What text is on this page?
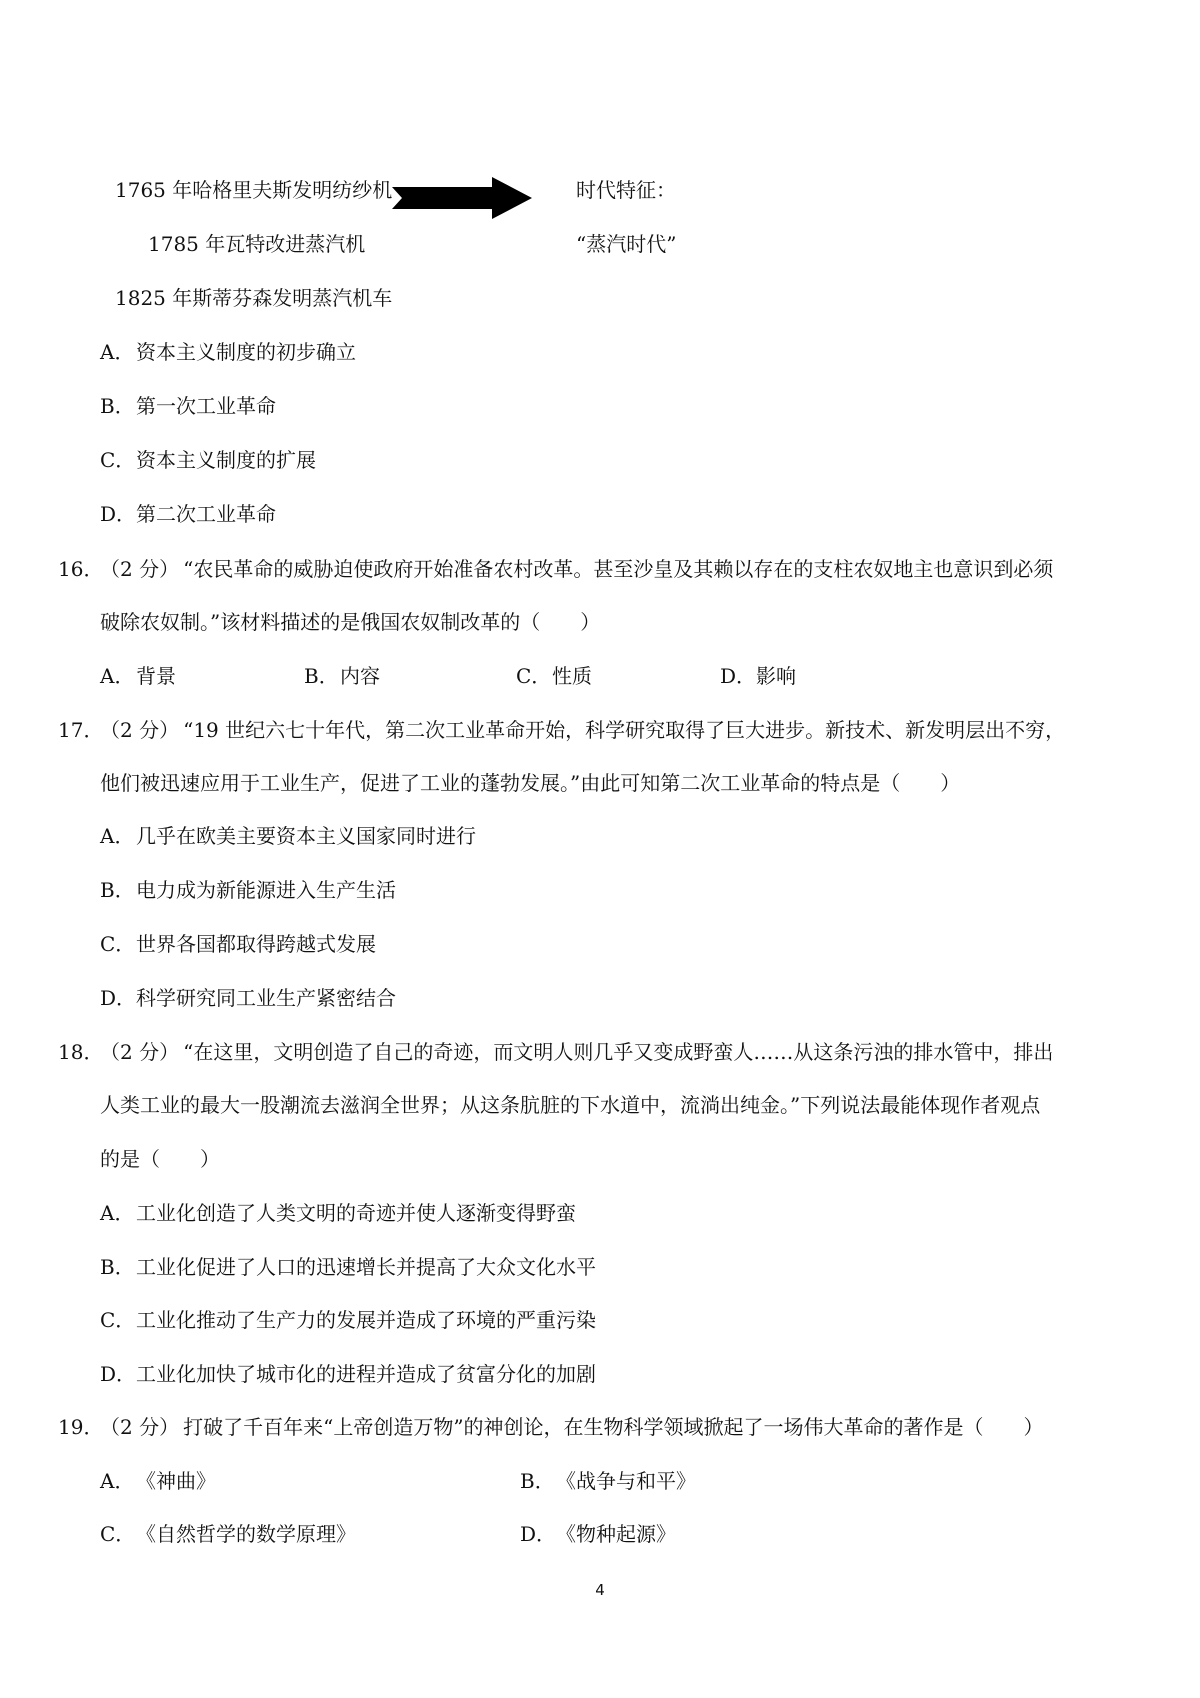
1765 年哈格里夫斯发明纺纱机
1785 年瓦特改进蒸汽机
1825 年斯蒂芬森发明蒸汽机车
时代特征：
“蒸汽时代”
A．资本主义制度的初步确立
B．第一次工业革命
C．资本主义制度的扩展
D．第二次工业革命
16．（2 分） “农民革命的威胁迫使政府开始准备农村改革。甚至沙皇及其赖以存在的支柱农奴地主也意识到必须
破除农奴制。”该材料描述的是俄国农奴制改革的（　　）
A．背景	B．内容	C．性质	D．影响
17．（2 分） “19 世纪六七十年代，第二次工业革命开始，科学研究取得了巨大进步。新技术、新发明层出不穷，
他们被迅速应用于工业生产，促进了工业的蓬勃发展。”由此可知第二次工业革命的特点是（　　）
A．几乎在欧美主要资本主义国家同时进行
B．电力成为新能源进入生产生活
C．世界各国都取得跨越式发展
D．科学研究同工业生产紧密结合
18．（2 分） “在这里，文明创造了自己的奇迹，而文明人则几乎又变成野蛮人……从这条污浊的排水管中，排出
人类工业的最大一股潮流去滋润全世界；从这条肮脏的下水道中，流淌出纯金。”下列说法最能体现作者观点
的是（　　）
A．工业化创造了人类文明的奇迹并使人逐渐变得野蛮
B．工业化促进了人口的迅速增长并提高了大众文化水平
C．工业化推动了生产力的发展并造成了环境的严重污染
D．工业化加快了城市化的进程并造成了贫富分化的加剧
19．（2 分） 打破了千百年来“上帝创造万物”的神创论，在生物科学领域掀起了一场伟大革命的著作是（　　）
A．《神曲》	B．《战争与和平》
C．《自然哲学的数学原理》	D．《物种起源》
4
